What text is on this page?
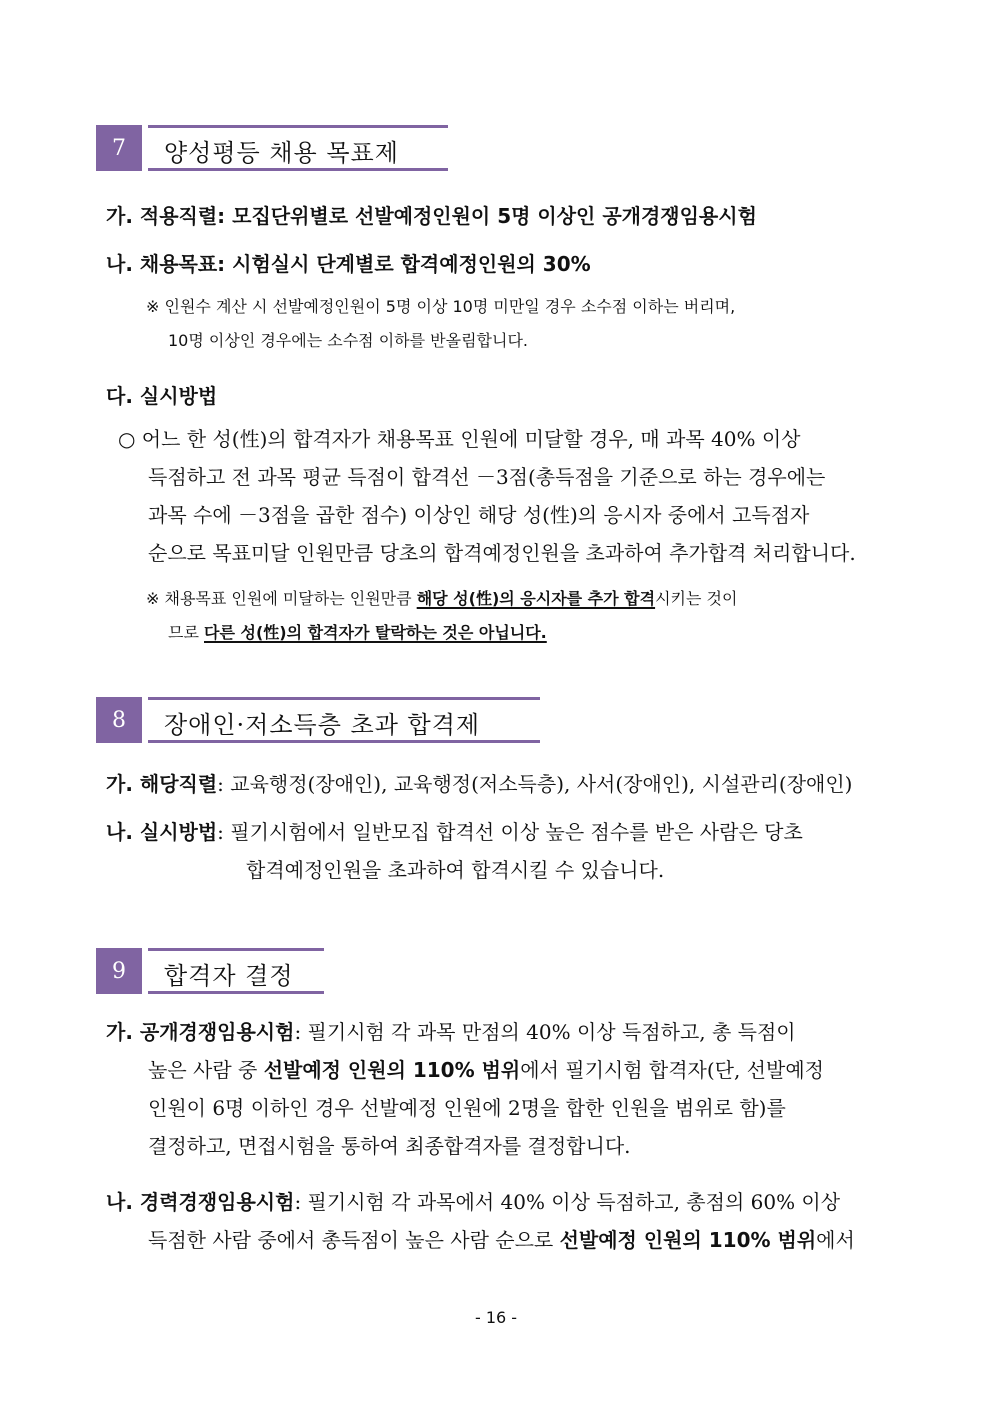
7	양성평등 채용 목표제
가. 적용직렬: 모집단위별로 선발예정인원이 5명 이상인 공개경쟁임용시험
나. 채용목표: 시험실시 단계별로 합격예정인원의 30%
※ 인원수 계산 시 선발예정인원이 5명 이상 10명 미만일 경우 소수점 이하는 버리며,
10명 이상인 경우에는 소수점 이하를 반올림합니다.
다. 실시방법
○ 어느 한 성(性)의 합격자가 채용목표 인원에 미달할 경우, 매 과목 40% 이상
득점하고 전 과목 평균 득점이 합격선 －3점(총득점을 기준으로 하는 경우에는
과목 수에 －3점을 곱한 점수) 이상인 해당 성(性)의 응시자 중에서 고득점자
순으로 목표미달 인원만큼 당초의 합격예정인원을 초과하여 추가합격 처리합니다.
※ 채용목표 인원에 미달하는 인원만큼 해당 성(性)의 응시자를 추가 합격시키는 것이
므로 다른 성(性)의 합격자가 탈락하는 것은 아닙니다.
8	장애인·저소득층 초과 합격제
가. 해당직렬: 교육행정(장애인), 교육행정(저소득층), 사서(장애인), 시설관리(장애인)
나. 실시방법: 필기시험에서 일반모집 합격선 이상 높은 점수를 받은 사람은 당초
합격예정인원을 초과하여 합격시킬 수 있습니다.
9	합격자 결정
가. 공개경쟁임용시험: 필기시험 각 과목 만점의 40% 이상 득점하고, 총 득점이
높은 사람 중 선발예정 인원의 110% 범위에서 필기시험 합격자(단, 선발예정
인원이 6명 이하인 경우 선발예정 인원에 2명을 합한 인원을 범위로 함)를
결정하고, 면접시험을 통하여 최종합격자를 결정합니다.
나. 경력경쟁임용시험: 필기시험 각 과목에서 40% 이상 득점하고, 총점의 60% 이상
득점한 사람 중에서 총득점이 높은 사람 순으로 선발예정 인원의 110% 범위에서
- 16 -
